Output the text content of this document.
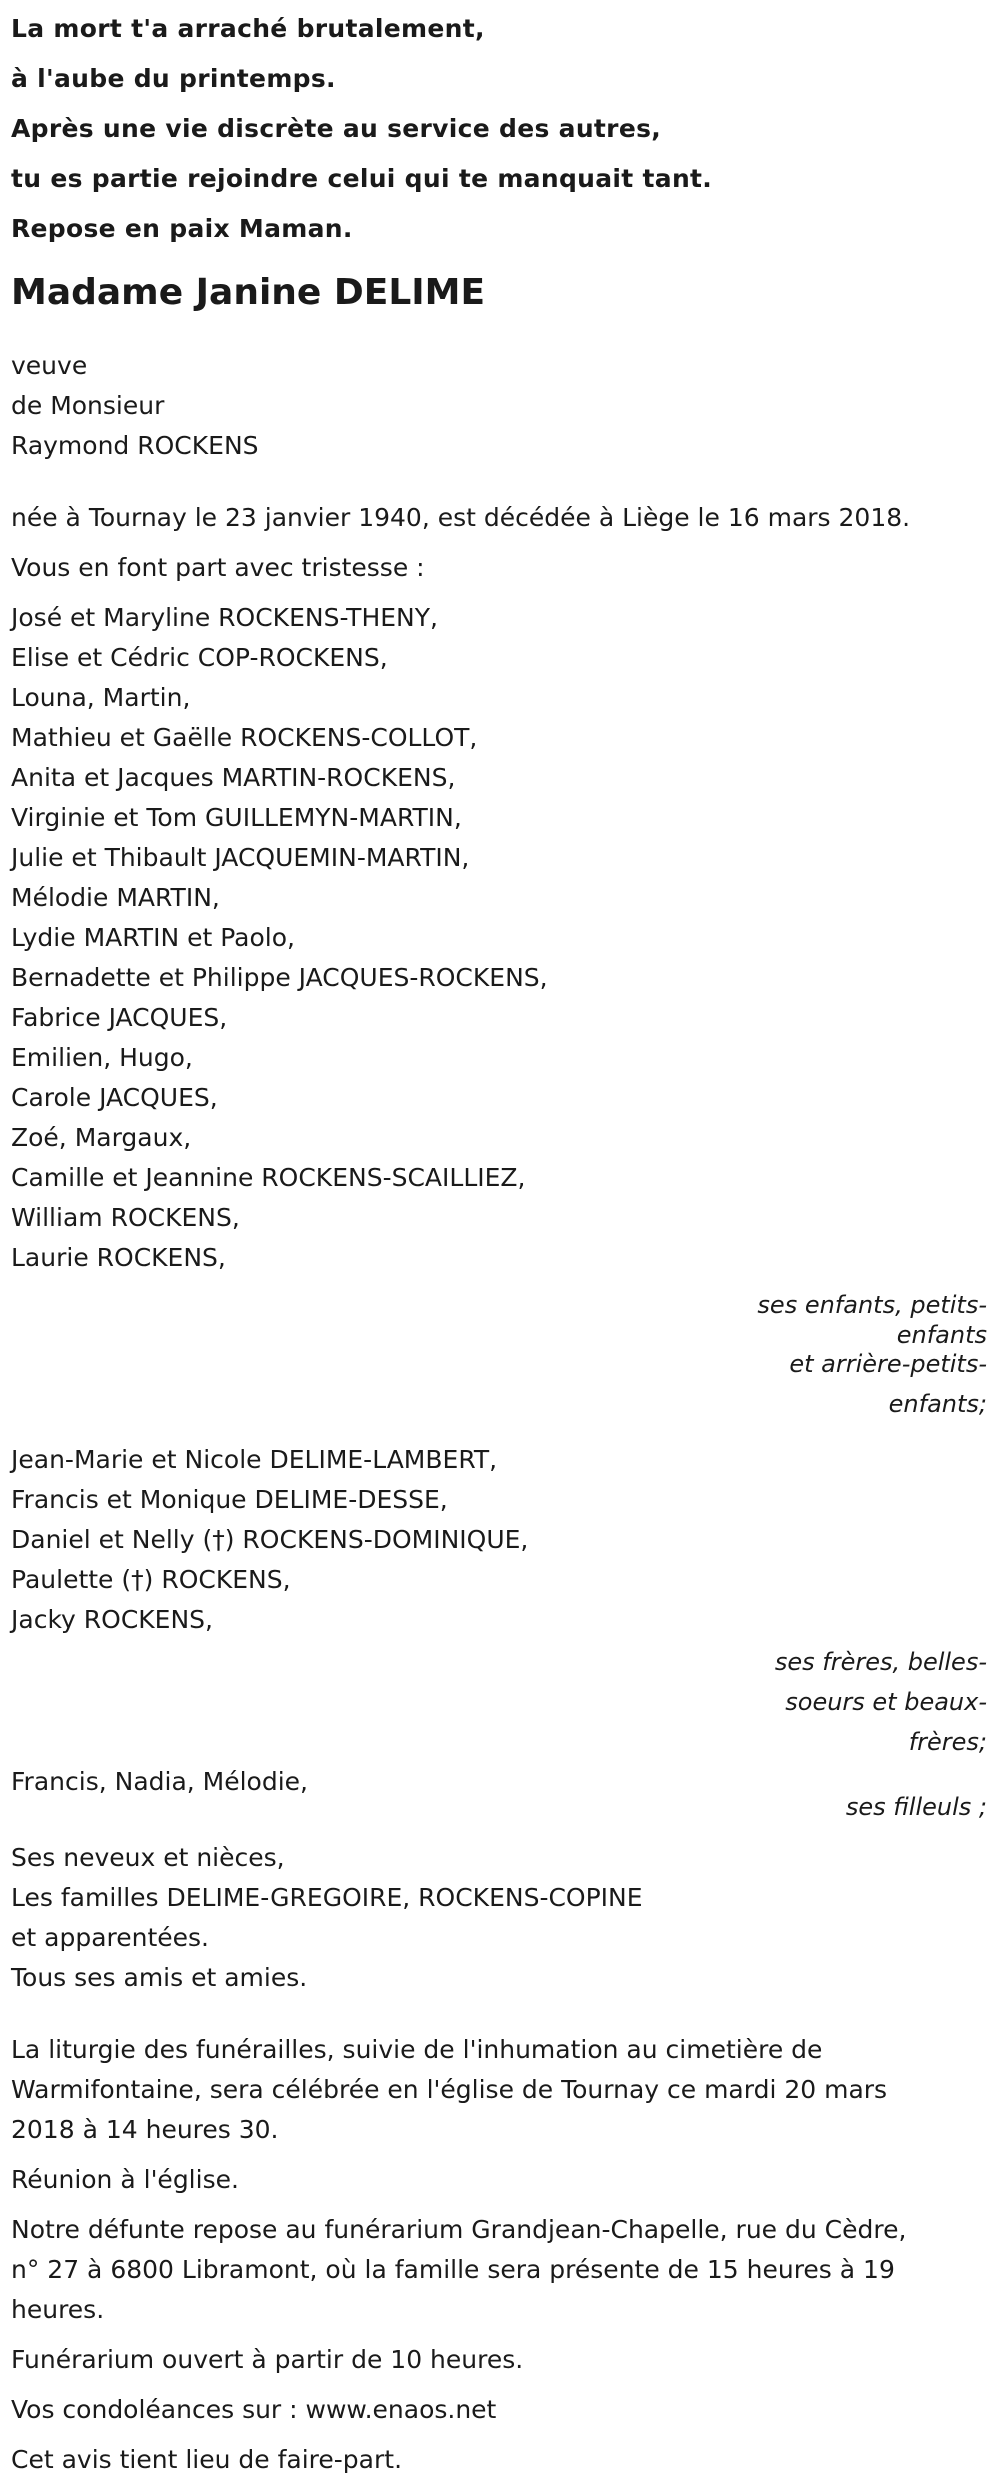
La mort t'a arraché brutalement,
à l'aube du printemps.
Après une vie discrète au service des autres,
tu es partie rejoindre celui qui te manquait tant.
Repose en paix Maman.
Madame Janine DELIME
veuve
de Monsieur
Raymond ROCKENS
née à Tournay le 23 janvier 1940, est décédée à Liège le 16 mars 2018.
Vous en font part avec tristesse :
José et Maryline ROCKENS-THENY,
Elise et Cédric COP-ROCKENS,
Louna, Martin,
Mathieu et Gaëlle ROCKENS-COLLOT,
Anita et Jacques MARTIN-ROCKENS,
Virginie et Tom GUILLEMYN-MARTIN,
Julie et Thibault JACQUEMIN-MARTIN,
Mélodie MARTIN,
Lydie MARTIN et Paolo,
Bernadette et Philippe JACQUES-ROCKENS,
Fabrice JACQUES,
Emilien, Hugo,
Carole JACQUES,
Zoé, Margaux,
Camille et Jeannine ROCKENS-SCAILLIEZ,
William ROCKENS,
Laurie ROCKENS,
ses enfants, petits-
enfants
et arrière-petits-
enfants;
Jean-Marie et Nicole DELIME-LAMBERT,
Francis et Monique DELIME-DESSE,
Daniel et Nelly (†) ROCKENS-DOMINIQUE,
Paulette (†) ROCKENS,
Jacky ROCKENS,
ses frères, belles-
soeurs et beaux-
frères;
Francis, Nadia, Mélodie,
ses filleuls ;
Ses neveux et nièces,
Les familles DELIME-GREGOIRE, ROCKENS-COPINE
et apparentées.
Tous ses amis et amies.
La liturgie des funérailles, suivie de l'inhumation au cimetière de
Warmifontaine, sera célébrée en l'église de Tournay ce mardi 20 mars
2018 à 14 heures 30.
Réunion à l'église.
Notre défunte repose au funérarium Grandjean-Chapelle, rue du Cèdre,
n° 27 à 6800 Libramont, où la famille sera présente de 15 heures à 19
heures.
Funérarium ouvert à partir de 10 heures.
Vos condoléances sur : www.enaos.net
Cet avis tient lieu de faire-part.
